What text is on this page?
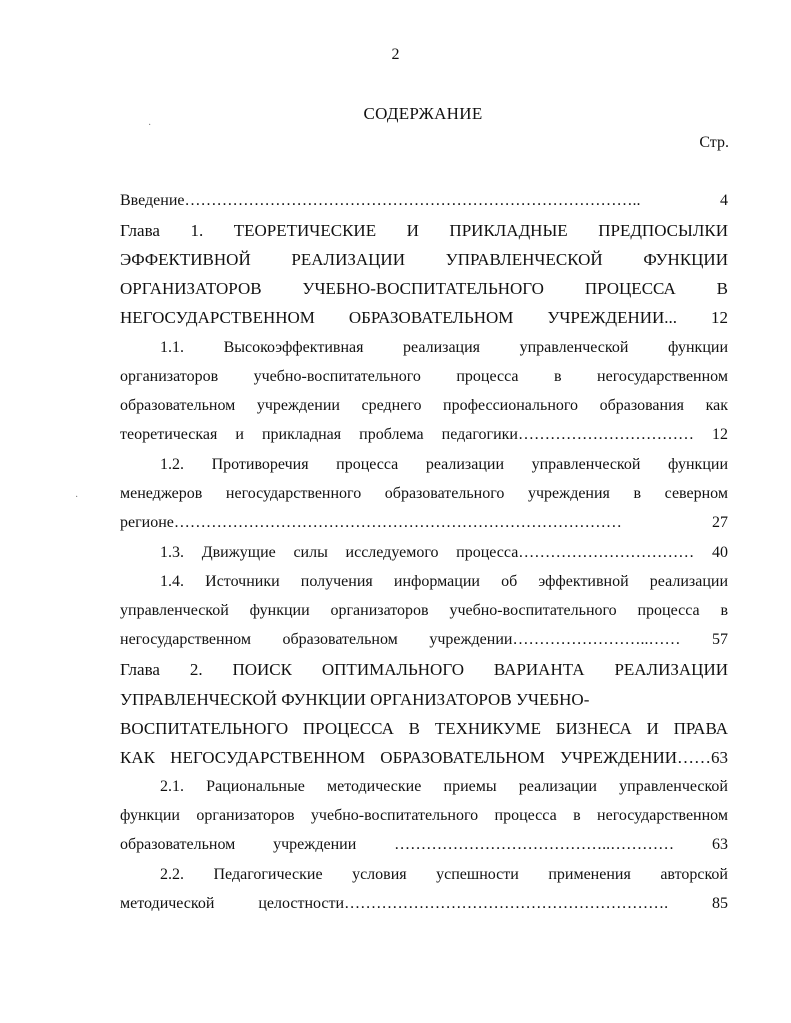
2
СОДЕРЖАНИЕ
Стр.
Введение………………………………………………………………………….. 4
Глава 1. ТЕОРЕТИЧЕСКИЕ И ПРИКЛАДНЫЕ ПРЕДПОСЫЛКИ
ЭФФЕКТИВНОЙ РЕАЛИЗАЦИИ УПРАВЛЕНЧЕСКОЙ ФУНКЦИИ
ОРГАНИЗАТОРОВ УЧЕБНО-ВОСПИТАТЕЛЬНОГО ПРОЦЕССА В
НЕГОСУДАРСТВЕННОМ ОБРАЗОВАТЕЛЬНОМ УЧРЕЖДЕНИИ... 12
1.1. Высокоэффективная реализация управленческой функции
организаторов учебно-воспитательного процесса в негосударственном
образовательном учреждении среднего профессионального образования как
теоретическая и прикладная проблема педагогики…………………………… 12
1.2. Противоречия процесса реализации управленческой функции
менеджеров негосударственного образовательного учреждения в северном
регионе………………………………………………………………………… 27
1.3. Движущие силы исследуемого процесса…………………………… 40
1.4. Источники получения информации об эффективной реализации
управленческой функции организаторов учебно-воспитательного процесса в
негосударственном образовательном учреждении……………………..…… 57
Глава 2. ПОИСК ОПТИМАЛЬНОГО ВАРИАНТА РЕАЛИЗАЦИИ
УПРАВЛЕНЧЕСКОЙ ФУНКЦИИ ОРГАНИЗАТОРОВ УЧЕБНО-
ВОСПИТАТЕЛЬНОГО ПРОЦЕССА В ТЕХНИКУМЕ БИЗНЕСА И ПРАВА
КАК НЕГОСУДАРСТВЕННОМ ОБРАЗОВАТЕЛЬНОМ УЧРЕЖДЕНИИ……63
2.1. Рациональные методические приемы реализации управленческой
функции организаторов учебно-воспитательного процесса в негосударственном
образовательном учреждении …………………………………..………… 63
2.2. Педагогические условия успешности применения авторской
методической целостности……………………………………………………. 85
·
·
